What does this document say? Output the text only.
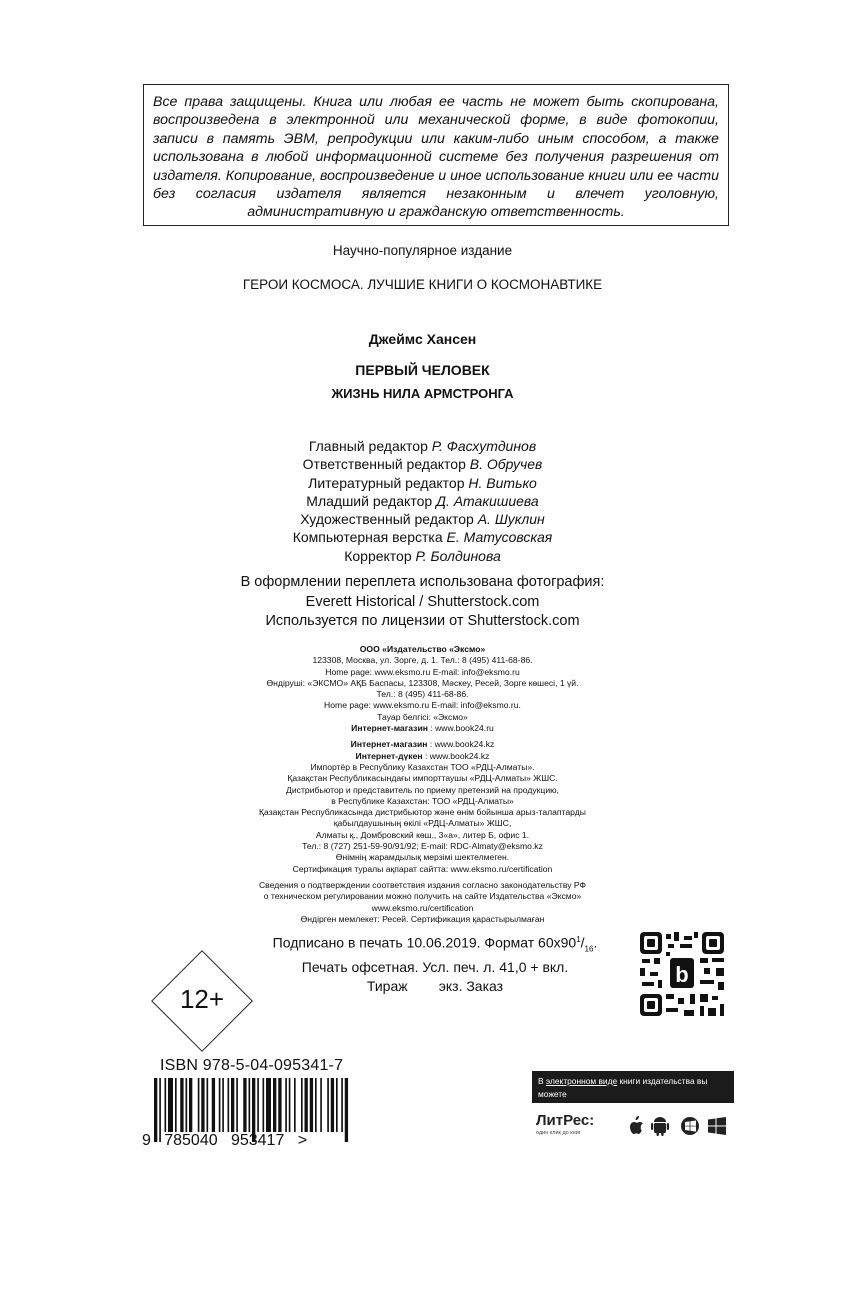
Все права защищены. Книга или любая ее часть не может быть скопирована, воспроизведена в электронной или механической форме, в виде фотокопии, записи в память ЭВМ, репродукции или каким-либо иным способом, а также использована в любой информационной системе без получения разрешения от издателя. Копирование, воспроизведение и иное использование книги или ее части без согласия издателя является незаконным и влечет уголовную, административную и гражданскую ответственность.
Научно-популярное издание
ГЕРОИ КОСМОСА. ЛУЧШИЕ КНИГИ О КОСМОНАВТИКЕ
Джеймс Хансен
ПЕРВЫЙ ЧЕЛОВЕК
ЖИЗНЬ НИЛА АРМСТРОНГА
Главный редактор Р. Фасхутдинов
Ответственный редактор В. Обручев
Литературный редактор Н. Витько
Младший редактор Д. Атакишиева
Художественный редактор А. Шуклин
Компьютерная верстка Е. Матусовская
Корректор Р. Болдинова
В оформлении переплета использована фотография:
Everett Historical / Shutterstock.com
Используется по лицензии от Shutterstock.com
ООО «Издательство «Эксмо»
123308, Москва, ул. Зорге, д. 1. Тел.: 8 (495) 411-68-86.
Home page: www.eksmo.ru E-mail: info@eksmo.ru
Өндіруші: «ЭКСМО» АҚБ Баспасы, 123308, Мәскеу, Ресей, Зорге көшесі, 1 үй.
Тел.: 8 (495) 411-68-86.
Home page: www.eksmo.ru E-mail: info@eksmo.ru.
Тауар белгісі: «Эксмо»
Интернет-магазин : www.book24.ru
Интернет-магазин : www.book24.kz
Интернет-дүкен : www.book24.kz
Импортёр в Республику Казахстан ТОО «РДЦ-Алматы».
Қазақстан Республикасындағы импорттаушы «РДЦ-Алматы» ЖШС.
Дистрибьютор и представитель по приему претензий на продукцию,
в Республике Казахстан: ТОО «РДЦ-Алматы»
Қазақстан Республикасында дистрибьютор және өнім бойынша арыз-талаптарды
қабылдаушының өкілі «РДЦ-Алматы» ЖШС,
Алматы қ., Домбровский көш., 3«а», литер Б, офис 1.
Тел.: 8 (727) 251-59-90/91/92; E-mail: RDC-Almaty@eksmo.kz
Өнімнің жарамдылық мерзімі шектелмеген.
Сертификация туралы ақпарат сайтта: www.eksmo.ru/certification
Сведения о подтверждении соответствия издания согласно законодательству РФ
о техническом регулировании можно получить на сайте Издательства «Эксмо»
www.eksmo.ru/certification
Өндірген мемлекет: Ресей. Сертификация қарастырылмаған
Подписано в печать 10.06.2019. Формат $60x90^1/_{16}$.
Печать офсетная. Усл. печ. л. 41,0 + вкл.
Тираж        экз. Заказ
12+
b
ISBN 978-5-04-095341-7
9   785040   953417   >
В электронном виде книги издательства вы можете
купить на www.litres.ru
ЛитРес:
один клик до книг
